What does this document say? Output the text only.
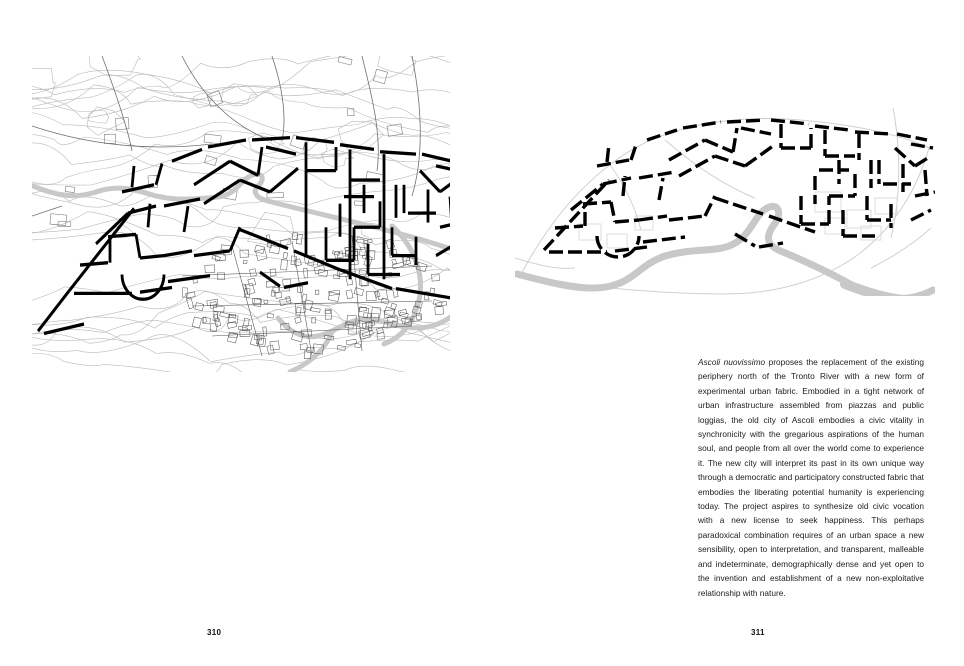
310

Ascoli nuovissimo proposes the replacement of the existing periphery north of the Tronto River with a new form of experimental urban fabric. Embodied in a tight network of urban infrastructure assembled from piazzas and public loggias, the old city of Ascoli embodies a civic vitality in synchronicity with the gregarious aspirations of the human soul, and people from all over the world come to experience it. The new city will interpret its past in its own unique way through a democratic and participatory constructed fabric that embodies the liberating potential humanity is experiencing today. The project aspires to synthesize old civic vocation with a new license to seek happiness. This perhaps paradoxical combination requires of an urban space a new sensibility, open to interpretation, and transparent, malleable and indeterminate, demographically dense and yet open to the invention and establishment of a new non-exploitative relationship with nature.

311
